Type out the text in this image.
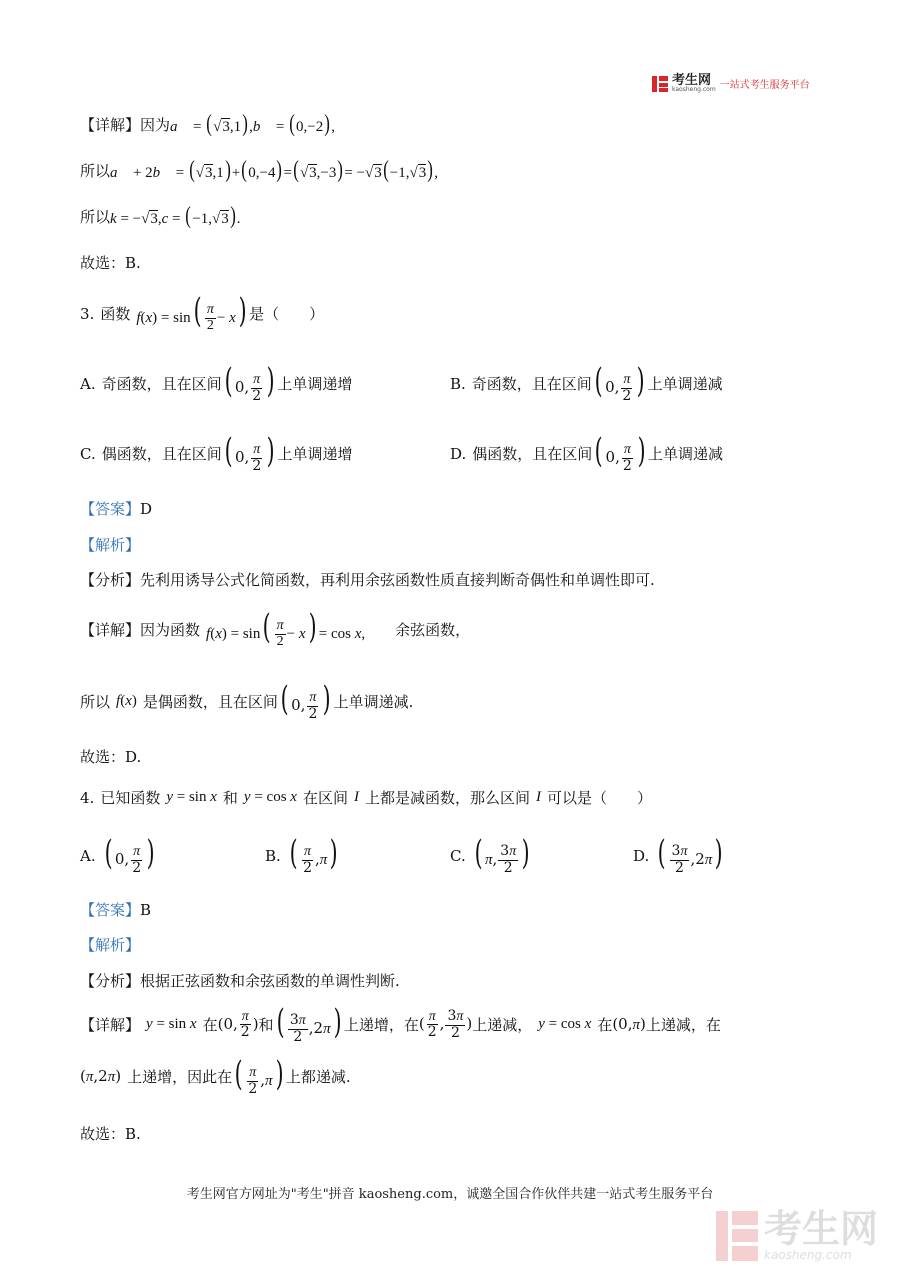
考生网
kaosheng.com 一站式考生服务平台
【详解】 因为 a⃗ = (√3,1),b⃗ = (0,−2),
所以 a⃗ + 2b⃗ = (√3,1)+(0,−4)=(√3,−3)= −√3(−1,√3),
所以 k = −√3,c = (−1,√3).
故选：B.
3. 函数 $f(x) = \sin( \frac{\pi}{2} - x)$ 是（　　）
A. 奇函数，且在区间 ( 0, $\frac{\pi}{2}$ ) 上单调递增	B. 奇函数，且在区间 ( 0, $\frac{\pi}{2}$ ) 上单调递减
C. 偶函数，且在区间 ( 0, $\frac{\pi}{2}$ ) 上单调递增	D. 偶函数，且在区间 ( 0, $\frac{\pi}{2}$ ) 上单调递减
【答案】 D
【解析】
【分析】 先利用诱导公式化简函数，再利用余弦函数性质直接判断奇偶性和单调性即可.
【详解】 因为函数 $f(x) = \sin( \frac{\pi}{2} - x) = \cos x$, 余弦函数，
所以 f(x) 是偶函数，且在区间 ( 0, $\frac{\pi}{2}$ ) 上单调递减.
故选：D.
4. 已知函数 y = sin x 和 y = cos x 在区间 I 上都是减函数，那么区间 I 可以是（　　）
A. ( 0, $\frac{\pi}{2}$ )	B. ( $\frac{\pi}{2} ,\pi$)	C. ( π, $\frac{3\pi}{2}$ )	D. ( $\frac{3\pi}{2} ,2\pi$)
【答案】 B
【解析】
【分析】 根据正弦函数和余弦函数的单调性判断.
【详解】 y = sin x 在 (0, $\frac{\pi}{2}$ ) 和 ( $\frac{3\pi}{2} ,2\pi$) 上递增，在 ( $\frac{\pi}{2}$ , $\frac{3\pi}{2}$ ) 上递减， y = cos x 在 (0,π) 上递减，在
(π,2π) 上递增，因此在 ( $\frac{\pi}{2} ,\pi$) 上都递减.
故选：B.
考生网官方网址为"考生"拼音 kaosheng.com，诚邀全国合作伙伴共建一站式考生服务平台
考生网
kaosheng.com
